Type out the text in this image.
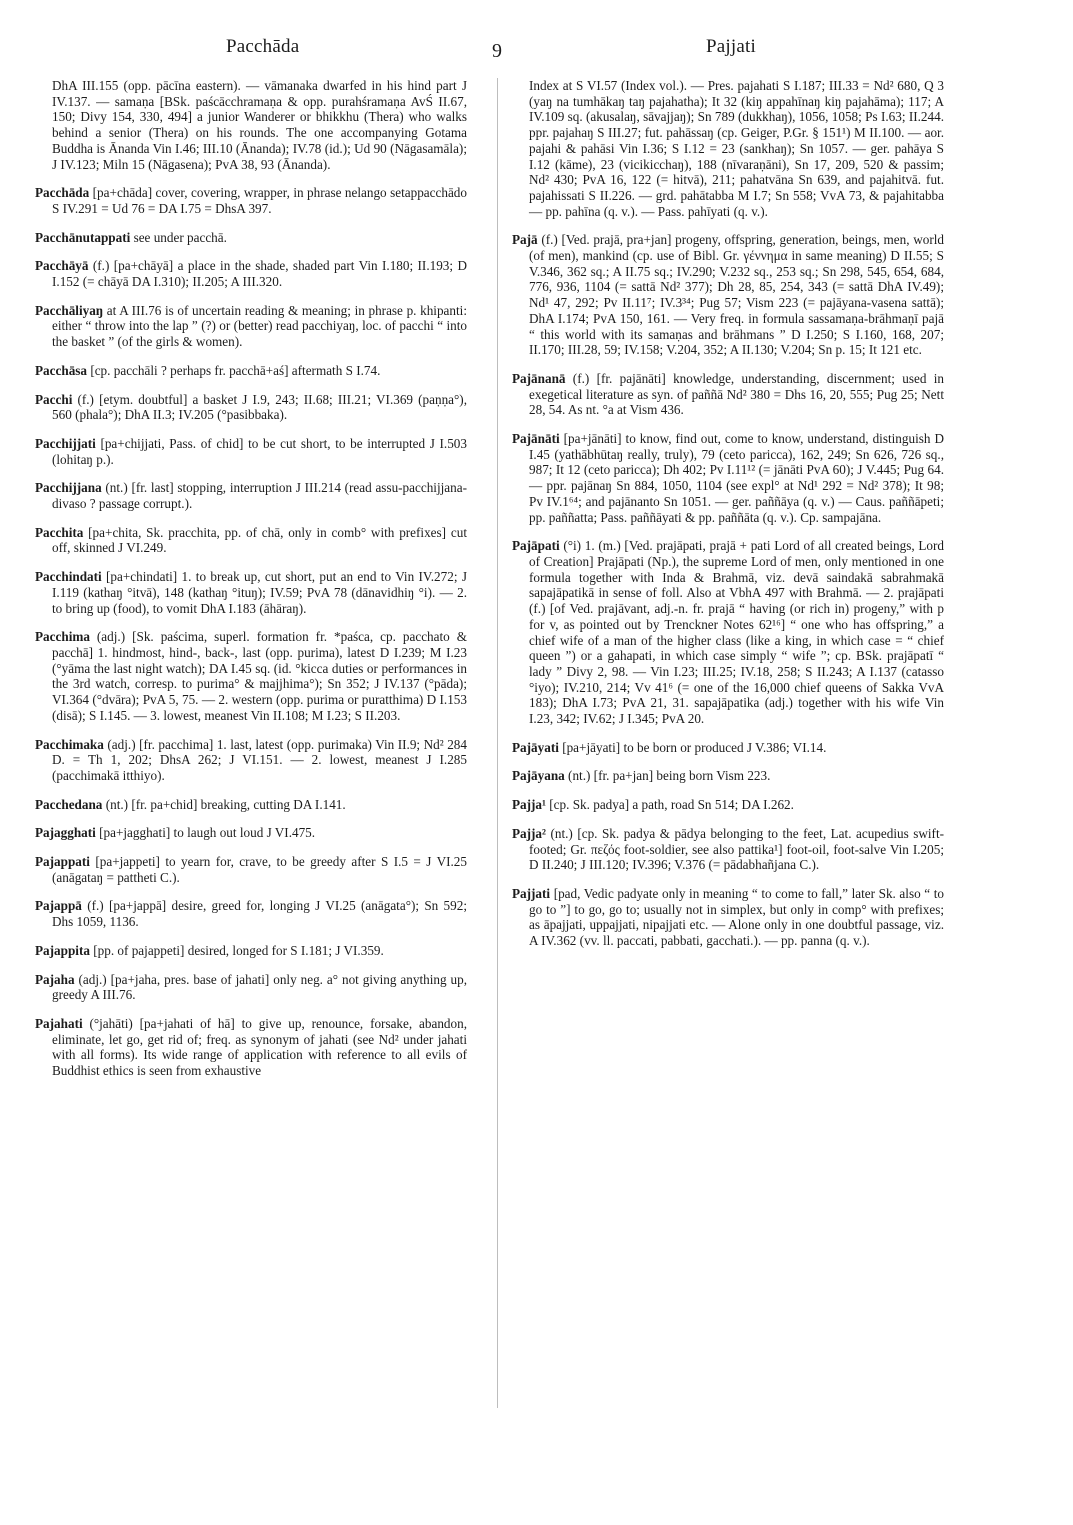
Pacchāda	9	Pajjati

DhA III.155 (opp. pācīna eastern). — vāmanaka dwarfed in his hind part J IV.137. — samaṇa [BSk. paścācchramaṇa & opp. purahśramaṇa AvŚ II.67, 150; Divy 154, 330, 494] a junior Wanderer or bhikkhu (Thera) who walks behind a senior (Thera) on his rounds. The one accompanying Gotama Buddha is Ānanda Vin I.46; III.10 (Ānanda); IV.78 (id.); Ud 90 (Nāgasamāla); J IV.123; Miln 15 (Nāgasena); PvA 38, 93 (Ānanda).

Pacchāda [pa+chāda] cover, covering, wrapper, in phrase nelango setappacchādo S IV.291 = Ud 76 = DA I.75 = DhsA 397.

Pacchānutappati see under pacchā.

Pacchāyā (f.) [pa+chāyā] a place in the shade, shaded part Vin I.180; II.193; D I.152 (= chāyā DA I.310); II.205; A III.320.

Pacchāliyaŋ at A III.76 is of uncertain reading & meaning; in phrase p. khipanti: either “ throw into the lap ” (?) or (better) read pacchiyaŋ, loc. of pacchi “ into the basket ” (of the girls & women).

Pacchāsa [cp. pacchāli ? perhaps fr. pacchā+aś] aftermath S I.74.

Pacchi (f.) [etym. doubtful] a basket J I.9, 243; II.68; III.21; VI.369 (paṇṇa°), 560 (phala°); DhA II.3; IV.205 (°pasibbaka).

Pacchijjati [pa+chijjati, Pass. of chid] to be cut short, to be interrupted J I.503 (lohitaŋ p.).

Pacchijjana (nt.) [fr. last] stopping, interruption J III.214 (read assu-pacchijjana-divaso ? passage corrupt.).

Pacchita [pa+chita, Sk. pracchita, pp. of chā, only in comb° with prefixes] cut off, skinned J VI.249.

Pacchindati [pa+chindati] 1. to break up, cut short, put an end to Vin IV.272; J I.119 (kathaŋ °itvā), 148 (kathaŋ °ituŋ); IV.59; PvA 78 (dānavidhiŋ °i). — 2. to bring up (food), to vomit DhA I.183 (āhāraŋ).

Pacchima (adj.) [Sk. paścima, superl. formation fr. *paśca, cp. pacchato & pacchā] 1. hindmost, hind-, back-, last (opp. purima), latest D I.239; M I.23 (°yāma the last night watch); DA I.45 sq. (id. °kicca duties or performances in the 3rd watch, corresp. to purima° & majjhima°); Sn 352; J IV.137 (°pāda); VI.364 (°dvāra); PvA 5, 75. — 2. western (opp. purima or puratthima) D I.153 (disā); S I.145. — 3. lowest, meanest Vin II.108; M I.23; S II.203.

Pacchimaka (adj.) [fr. pacchima] 1. last, latest (opp. purimaka) Vin II.9; Nd² 284 D. = Th 1, 202; DhsA 262; J VI.151. — 2. lowest, meanest J I.285 (pacchimakā itthiyo).

Pacchedana (nt.) [fr. pa+chid] breaking, cutting DA I.141.

Pajagghati [pa+jagghati] to laugh out loud J VI.475.

Pajappati [pa+jappeti] to yearn for, crave, to be greedy after S I.5 = J VI.25 (anāgataŋ = pattheti C.).

Pajappā (f.) [pa+jappā] desire, greed for, longing J VI.25 (anāgata°); Sn 592; Dhs 1059, 1136.

Pajappita [pp. of pajappeti] desired, longed for S I.181; J VI.359.

Pajaha (adj.) [pa+jaha, pres. base of jahati] only neg. a° not giving anything up, greedy A III.76.

Pajahati (°jahāti) [pa+jahati of hā] to give up, renounce, forsake, abandon, eliminate, let go, get rid of; freq. as synonym of jahati (see Nd² under jahati with all forms). Its wide range of application with reference to all evils of Buddhist ethics is seen from exhaustive

Index at S VI.57 (Index vol.). — Pres. pajahati S I.187; III.33 = Nd² 680, Q 3 (yaŋ na tumhākaŋ taŋ pajahatha); It 32 (kiŋ appahīnaŋ kiŋ pajahāma); 117; A IV.109 sq. (akusalaŋ, sāvajjaŋ); Sn 789 (dukkhaŋ), 1056, 1058; Ps I.63; II.244. ppr. pajahaŋ S III.27; fut. pahāssaŋ (cp. Geiger, P.Gr. § 151¹) M II.100. — aor. pajahi & pahāsi Vin I.36; S I.12 = 23 (sankhaŋ); Sn 1057. — ger. pahāya S I.12 (kāme), 23 (vicikicchaŋ), 188 (nīvaraṇāni), Sn 17, 209, 520 & passim; Nd² 430; PvA 16, 122 (= hitvā), 211; pahatvāna Sn 639, and pajahitvā. fut. pajahissati S II.226. — grd. pahātabba M I.7; Sn 558; VvA 73, & pajahitabba — pp. pahīna (q. v.). — Pass. pahīyati (q. v.).

Pajā (f.) [Ved. prajā, pra+jan] progeny, offspring, generation, beings, men, world (of men), mankind (cp. use of Bibl. Gr. γέννημα in same meaning) D II.55; S V.346, 362 sq.; A II.75 sq.; IV.290; V.232 sq., 253 sq.; Sn 298, 545, 654, 684, 776, 936, 1104 (= sattā Nd² 377); Dh 28, 85, 254, 343 (= sattā DhA IV.49); Nd¹ 47, 292; Pv II.11⁷; IV.3³⁴; Pug 57; Vism 223 (= pajāyana-vasena sattā); DhA I.174; PvA 150, 161. — Very freq. in formula sassamaṇa-brāhmaṇī pajā “ this world with its samaṇas and brāhmans ” D I.250; S I.160, 168, 207; II.170; III.28, 59; IV.158; V.204, 352; A II.130; V.204; Sn p. 15; It 121 etc.

Pajānanā (f.) [fr. pajānāti] knowledge, understanding, discernment; used in exegetical literature as syn. of paññā Nd² 380 = Dhs 16, 20, 555; Pug 25; Nett 28, 54. As nt. °a at Vism 436.

Pajānāti [pa+jānāti] to know, find out, come to know, understand, distinguish D I.45 (yathābhūtaŋ really, truly), 79 (ceto paricca), 162, 249; Sn 626, 726 sq., 987; It 12 (ceto paricca); Dh 402; Pv I.11¹² (= jānāti PvA 60); J V.445; Pug 64. — ppr. pajānaŋ Sn 884, 1050, 1104 (see expl° at Nd¹ 292 = Nd² 378); It 98; Pv IV.1⁶⁴; and pajānanto Sn 1051. — ger. paññāya (q. v.) — Caus. paññāpeti; pp. paññatta; Pass. paññāyati & pp. paññāta (q. v.). Cp. sampajāna.

Pajāpati (°i) 1. (m.) [Ved. prajāpati, prajā + pati Lord of all created beings, Lord of Creation] Prajāpati (Np.), the supreme Lord of men, only mentioned in one formula together with Inda & Brahmā, viz. devā saindakā sabrahmakā sapajāpatikā in sense of foll. Also at VbhA 497 with Brahmā. — 2. prajāpati (f.) [of Ved. prajāvant, adj.-n. fr. prajā “ having (or rich in) progeny,” with p for v, as pointed out by Trenckner Notes 62¹⁶] “ one who has offspring,” a chief wife of a man of the higher class (like a king, in which case = “ chief queen ”) or a gahapati, in which case simply “ wife ”; cp. BSk. prajāpatī “ lady ” Divy 2, 98. — Vin I.23; III.25; IV.18, 258; S II.243; A I.137 (catasso °iyo); IV.210, 214; Vv 41⁶ (= one of the 16,000 chief queens of Sakka VvA 183); DhA I.73; PvA 21, 31. sapajāpatika (adj.) together with his wife Vin I.23, 342; IV.62; J I.345; PvA 20.

Pajāyati [pa+jāyati] to be born or produced J V.386; VI.14.

Pajāyana (nt.) [fr. pa+jan] being born Vism 223.

Pajja¹ [cp. Sk. padya] a path, road Sn 514; DA I.262.

Pajja² (nt.) [cp. Sk. padya & pādya belonging to the feet, Lat. acupedius swift-footed; Gr. πεζός foot-soldier, see also pattika¹] foot-oil, foot-salve Vin I.205; D II.240; J III.120; IV.396; V.376 (= pādabhañjana C.).

Pajjati [pad, Vedic padyate only in meaning “ to come to fall,” later Sk. also “ to go to ”] to go, go to; usually not in simplex, but only in comp° with prefixes; as āpajjati, uppajjati, nipajjati etc. — Alone only in one doubtful passage, viz. A IV.362 (vv. ll. paccati, pabbati, gacchati.). — pp. panna (q. v.).
